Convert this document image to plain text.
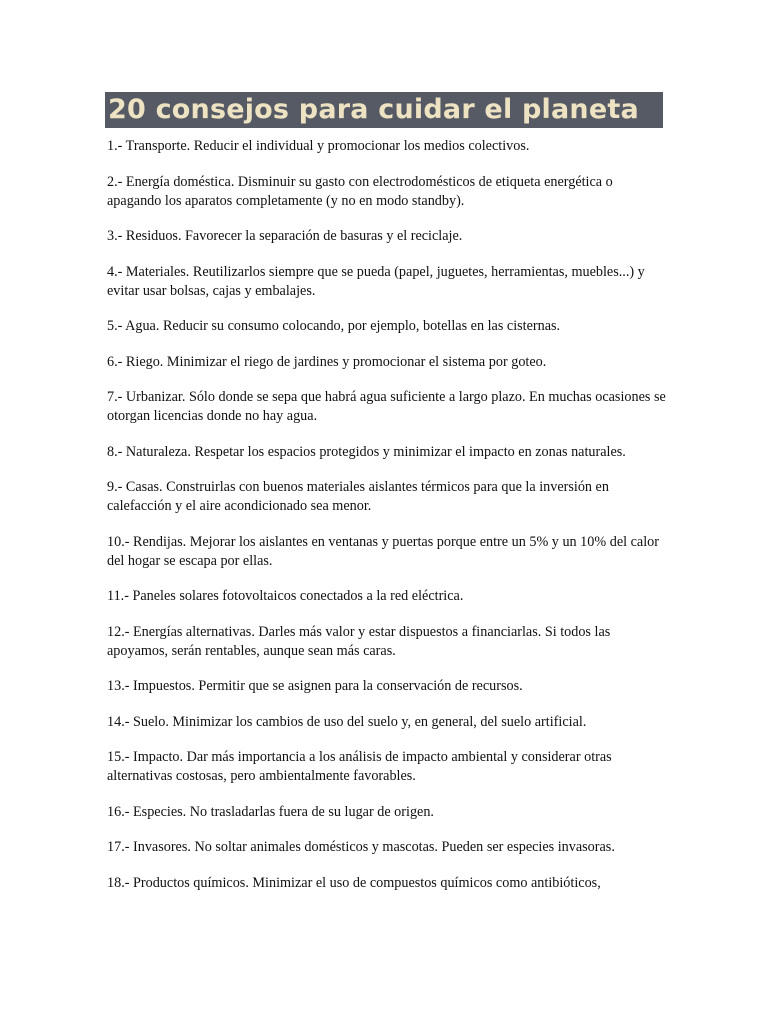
20 consejos para cuidar el planeta
1.- Transporte. Reducir el individual y promocionar los medios colectivos.
2.- Energía doméstica. Disminuir su gasto con electrodomésticos de etiqueta energética o apagando los aparatos completamente (y no en modo standby).
3.- Residuos. Favorecer la separación de basuras y el reciclaje.
4.- Materiales. Reutilizarlos siempre que se pueda (papel, juguetes, herramientas, muebles...) y evitar usar bolsas, cajas y embalajes.
5.- Agua. Reducir su consumo colocando, por ejemplo, botellas en las cisternas.
6.- Riego. Minimizar el riego de jardines y promocionar el sistema por goteo.
7.- Urbanizar. Sólo donde se sepa que habrá agua suficiente a largo plazo. En muchas ocasiones se otorgan licencias donde no hay agua.
8.- Naturaleza. Respetar los espacios protegidos y minimizar el impacto en zonas naturales.
9.- Casas. Construirlas con buenos materiales aislantes térmicos para que la inversión en calefacción y el aire acondicionado sea menor.
10.- Rendijas. Mejorar los aislantes en ventanas y puertas porque entre un 5% y un 10% del calor del hogar se escapa por ellas.
11.- Paneles solares fotovoltaicos conectados a la red eléctrica.
12.- Energías alternativas. Darles más valor y estar dispuestos a financiarlas. Si todos las apoyamos, serán rentables, aunque sean más caras.
13.- Impuestos. Permitir que se asignen para la conservación de recursos.
14.- Suelo. Minimizar los cambios de uso del suelo y, en general, del suelo artificial.
15.- Impacto. Dar más importancia a los análisis de impacto ambiental y considerar otras alternativas costosas, pero ambientalmente favorables.
16.- Especies. No trasladarlas fuera de su lugar de origen.
17.- Invasores. No soltar animales domésticos y mascotas. Pueden ser especies invasoras.
18.- Productos químicos. Minimizar el uso de compuestos químicos como antibióticos,
